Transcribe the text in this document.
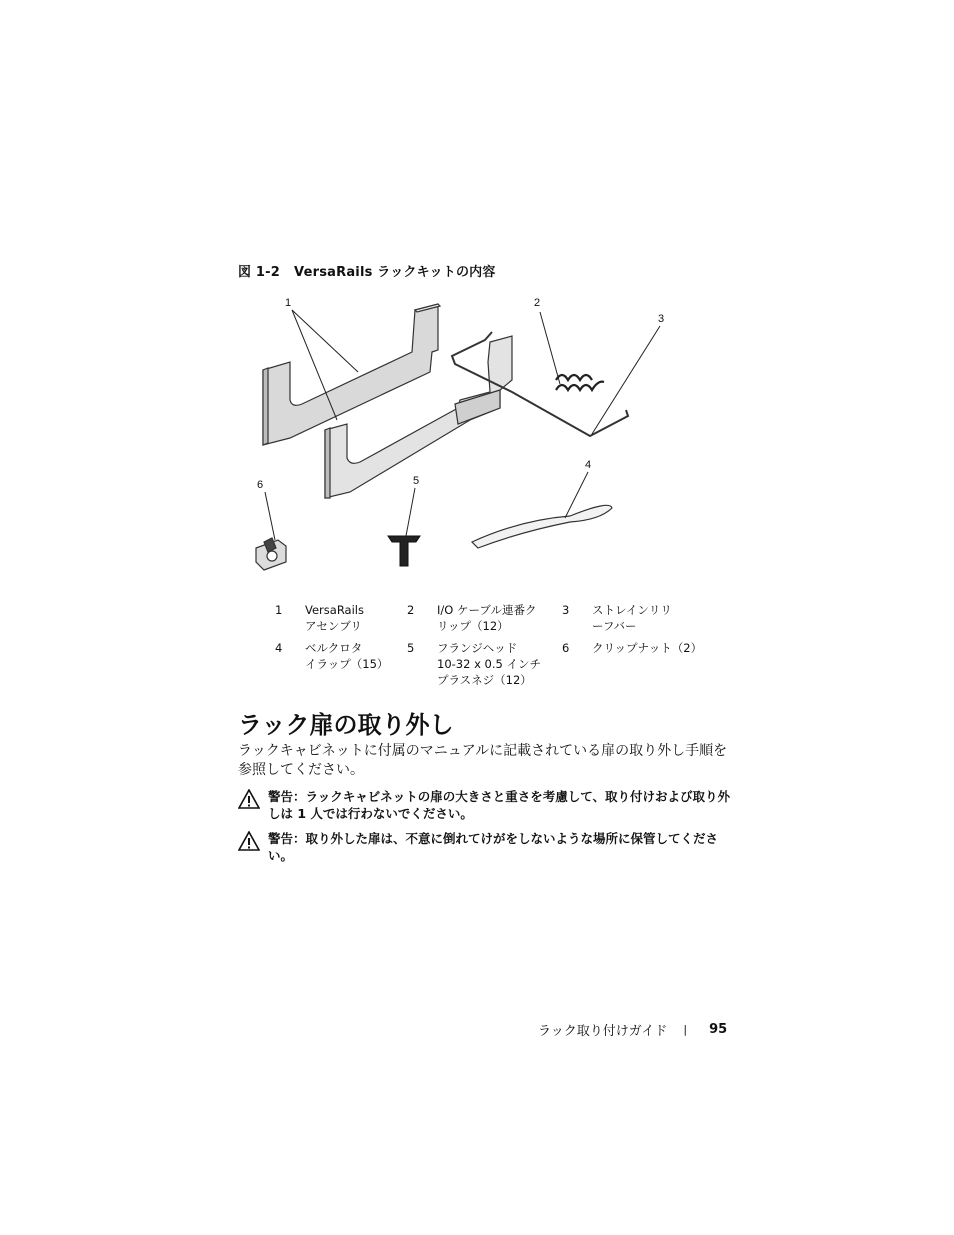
図 1-2 VersaRails ラックキットの内容
1	2
3
4
5
6
1	VersaRails
アセンブリ
2	I/O ケーブル連番ク
リップ（12）
3	ストレインリリ
ーフバー
4	ベルクロタ
イラップ（15）
5	フランジヘッド
10-32 x 0.5 インチ
プラスネジ（12）
6	クリップナット（2）
ラック扉の取り外し
ラックキャビネットに付属のマニュアルに記載されている扉の取り外し手順を参照してください。
警告：ラックキャビネットの扉の大きさと重さを考慮して、取り付けおよび取り外しは 1 人では行わないでください。
警告：取り外した扉は、不意に倒れてけがをしないような場所に保管してください。
ラック取り付けガイド | 95
